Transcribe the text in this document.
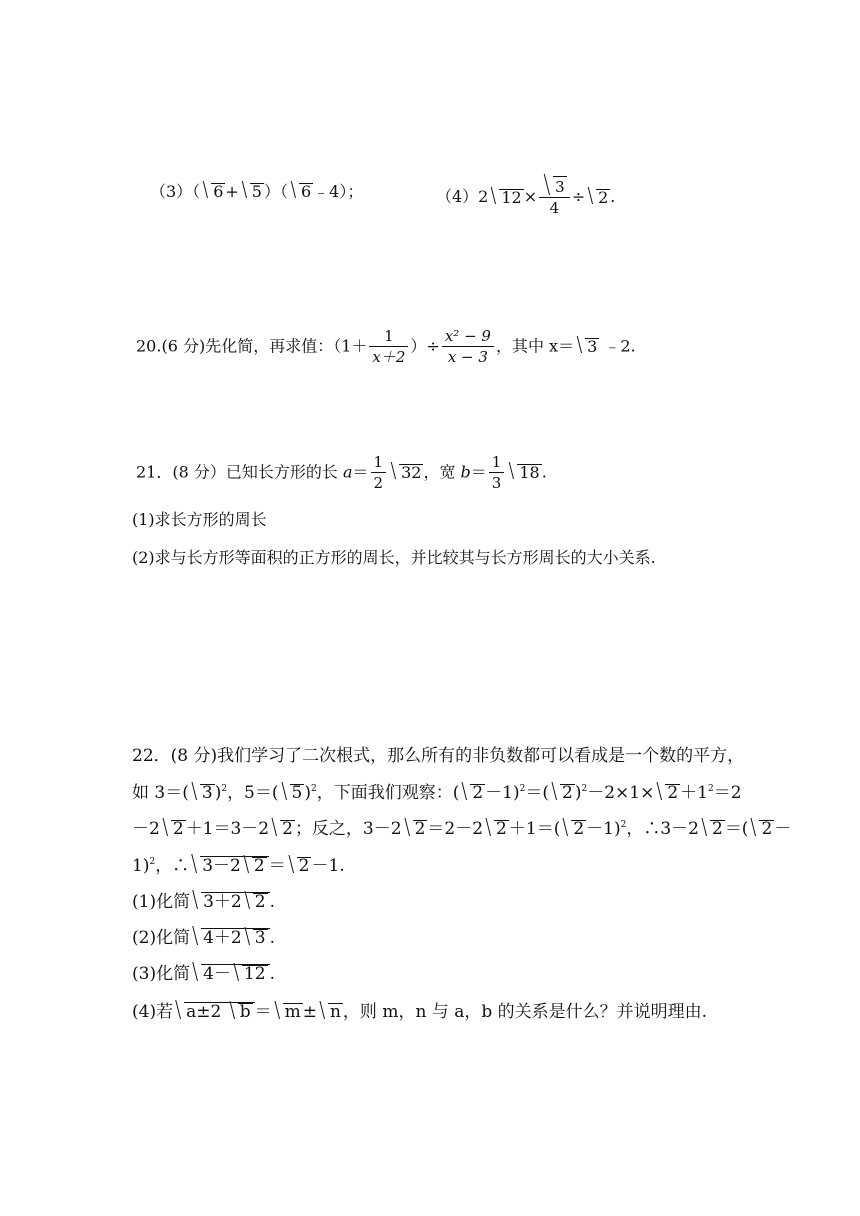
（3）（ 6 + 5 ）（ 6 ﹣4）；	（4）2 $12 \times \frac{3}{4} \div 2$ .
20.(6 分)先化简，再求值：（$1+ \frac{1}{x+2}$ ）÷ $\frac{\text{x² − 9}}{x - 3}$ ，其中 x＝ 3 ﹣2.
21．(8 分）已知长方形的长 $a= \frac{1}{2} 32$ ，宽 $b= \frac{1}{3} 18$ .
(1)求长方形的周长
(2)求与长方形等面积的正方形的周长，并比较其与长方形周长的大小关系.
22．(8 分)我们学习了二次根式，那么所有的非负数都可以看成是一个数的平方，
如 3＝( 3 )$^2$，5＝( 5 )$^2$，下面我们观察：( 2 －1)$^2$＝( 2 )$^2-2\times 1\times 2 +1^2=2$
－2 2 ＋1＝3－2 2 ；反之，3－2 2 ＝2－2 2 ＋1＝( 2 －1)$^2$，∴3－2 2 ＝( 2 －
1)$^2$，∴ 3－2 2 ＝ 2 －1.
(1)化简 3＋2 2 .
(2)化简 4＋2 3 .
(3)化简 4－ 12 .
(4)若 a±2 b ＝ m ± n ，则 m，n 与 a，b 的关系是什么？并说明理由.
